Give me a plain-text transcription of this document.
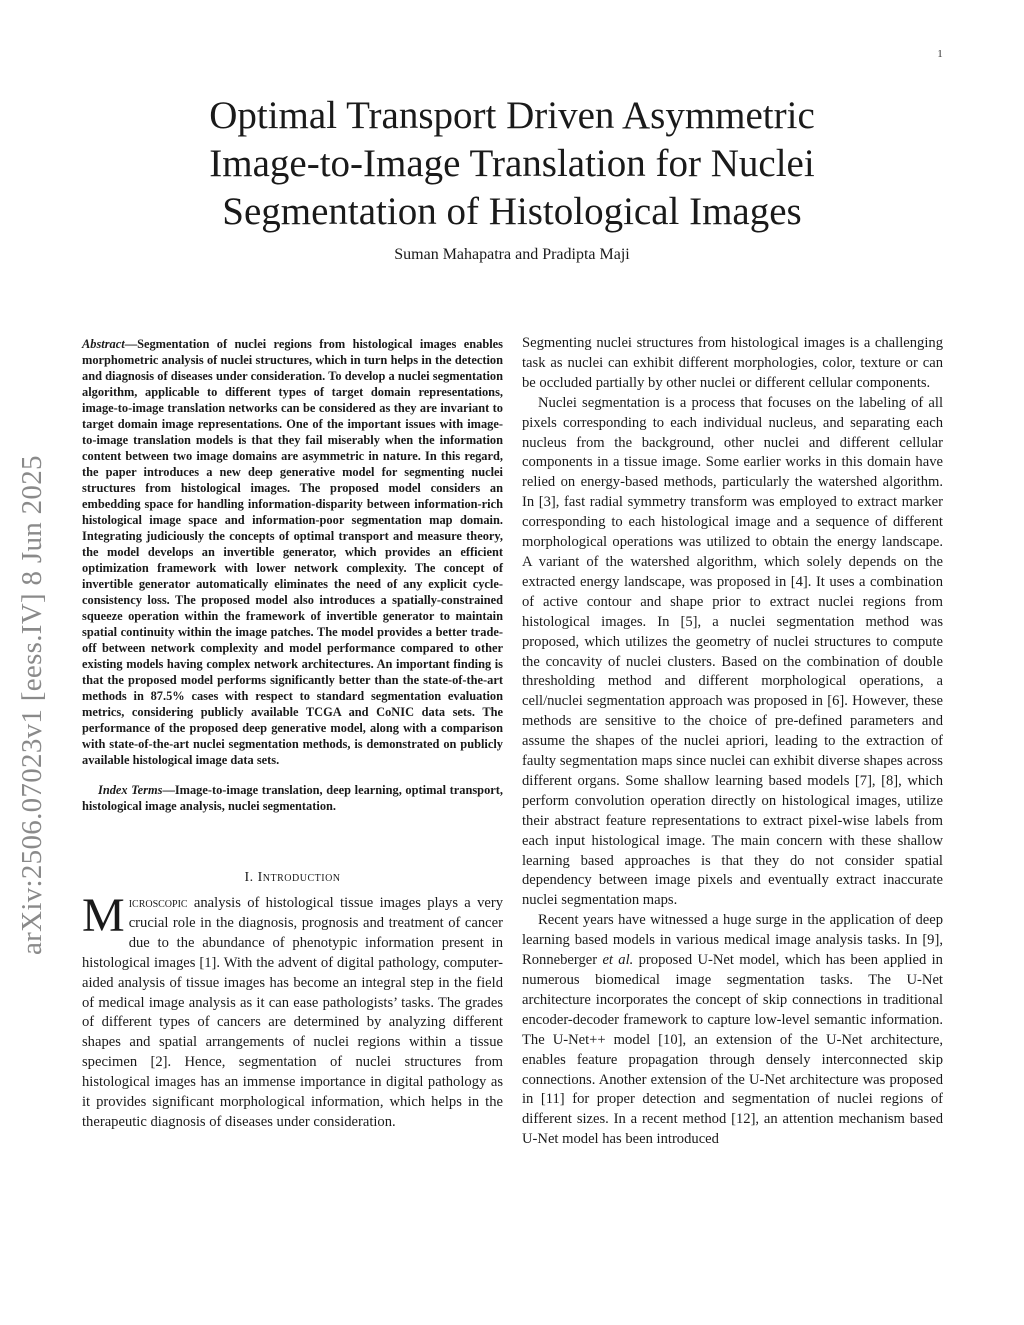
1
arXiv:2506.07023v1 [eess.IV] 8 Jun 2025
Optimal Transport Driven Asymmetric Image-to-Image Translation for Nuclei Segmentation of Histological Images

Suman Mahapatra and Pradipta Maji

Abstract—Segmentation of nuclei regions from histological images enables morphometric analysis of nuclei structures, which in turn helps in the detection and diagnosis of diseases under consideration. To develop a nuclei segmentation algorithm, applicable to different types of target domain representations, image-to-image translation networks can be considered as they are invariant to target domain image representations. One of the important issues with image-to-image translation models is that they fail miserably when the information content between two image domains are asymmetric in nature. In this regard, the paper introduces a new deep generative model for segmenting nuclei structures from histological images. The proposed model considers an embedding space for handling information-disparity between information-rich histological image space and information-poor segmentation map domain. Integrating judiciously the concepts of optimal transport and measure theory, the model develops an invertible generator, which provides an efficient optimization framework with lower network complexity. The concept of invertible generator automatically eliminates the need of any explicit cycle-consistency loss. The proposed model also introduces a spatially-constrained squeeze operation within the framework of invertible generator to maintain spatial continuity within the image patches. The model provides a better trade-off between network complexity and model performance compared to other existing models having complex network architectures. An important finding is that the proposed model performs significantly better than the state-of-the-art methods in 87.5% cases with respect to standard segmentation evaluation metrics, considering publicly available TCGA and CoNIC data sets. The performance of the proposed deep generative model, along with a comparison with state-of-the-art nuclei segmentation methods, is demonstrated on publicly available histological image data sets.

Index Terms—Image-to-image translation, deep learning, optimal transport, histological image analysis, nuclei segmentation.

I. Introduction

Microscopic analysis of histological tissue images plays a very crucial role in the diagnosis, prognosis and treatment of cancer due to the abundance of phenotypic information present in histological images [1]. With the advent of digital pathology, computer-aided analysis of tissue images has become an integral step in the field of medical image analysis as it can ease pathologists’ tasks. The grades of different types of cancers are determined by analyzing different shapes and spatial arrangements of nuclei regions within a tissue specimen [2]. Hence, segmentation of nuclei structures from histological images has an immense importance in digital pathology as it provides significant morphological information, which helps in the therapeutic diagnosis of diseases under consideration.

Segmenting nuclei structures from histological images is a challenging task as nuclei can exhibit different morphologies, color, texture or can be occluded partially by other nuclei or different cellular components.

Nuclei segmentation is a process that focuses on the labeling of all pixels corresponding to each individual nucleus, and separating each nucleus from the background, other nuclei and different cellular components in a tissue image. Some earlier works in this domain have relied on energy-based methods, particularly the watershed algorithm. In [3], fast radial symmetry transform was employed to extract marker corresponding to each histological image and a sequence of different morphological operations was utilized to obtain the energy landscape. A variant of the watershed algorithm, which solely depends on the extracted energy landscape, was proposed in [4]. It uses a combination of active contour and shape prior to extract nuclei regions from histological images. In [5], a nuclei segmentation method was proposed, which utilizes the geometry of nuclei structures to compute the concavity of nuclei clusters. Based on the combination of double thresholding method and different morphological operations, a cell/nuclei segmentation approach was proposed in [6]. However, these methods are sensitive to the choice of pre-defined parameters and assume the shapes of the nuclei apriori, leading to the extraction of faulty segmentation maps since nuclei can exhibit diverse shapes across different organs. Some shallow learning based models [7], [8], which perform convolution operation directly on histological images, utilize their abstract feature representations to extract pixel-wise labels from each input histological image. The main concern with these shallow learning based approaches is that they do not consider spatial dependency between image pixels and eventually extract inaccurate nuclei segmentation maps.

Recent years have witnessed a huge surge in the application of deep learning based models in various medical image analysis tasks. In [9], Ronneberger et al. proposed U-Net model, which has been applied in numerous biomedical image segmentation tasks. The U-Net architecture incorporates the concept of skip connections in traditional encoder-decoder framework to capture low-level semantic information. The U-Net++ model [10], an extension of the U-Net architecture, enables feature propagation through densely interconnected skip connections. Another extension of the U-Net architecture was proposed in [11] for proper detection and segmentation of nuclei regions of different sizes. In a recent method [12], an attention mechanism based U-Net model has been introduced
